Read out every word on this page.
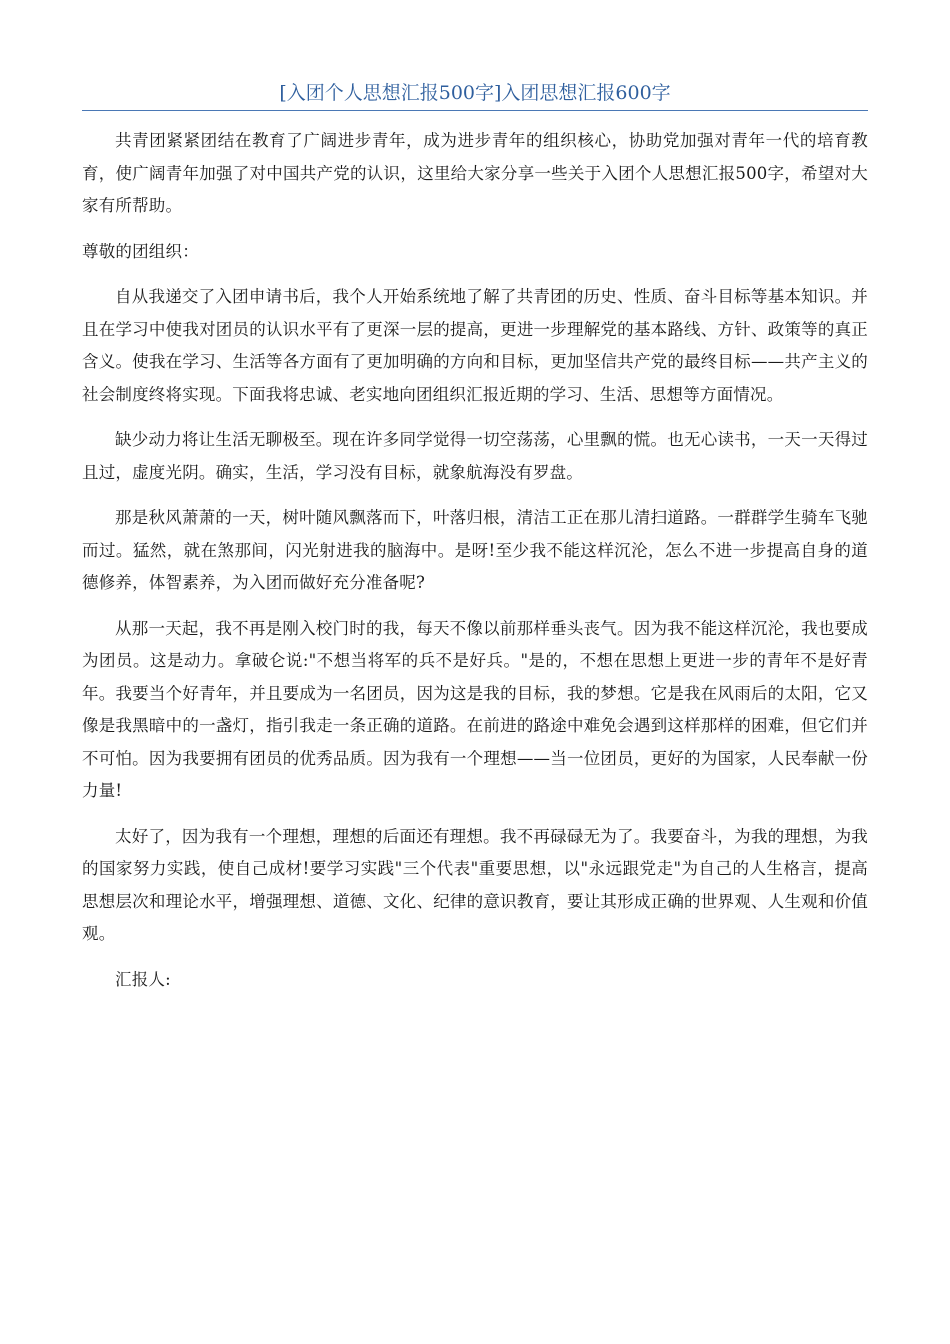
[入团个人思想汇报500字]入团思想汇报600字

共青团紧紧团结在教育了广阔进步青年，成为进步青年的组织核心，协助党加强对青年一代的培育教育，使广阔青年加强了对中国共产党的认识，这里给大家分享一些关于入团个人思想汇报500字，希望对大家有所帮助。

尊敬的团组织：

自从我递交了入团申请书后，我个人开始系统地了解了共青团的历史、性质、奋斗目标等基本知识。并且在学习中使我对团员的认识水平有了更深一层的提高，更进一步理解党的基本路线、方针、政策等的真正含义。使我在学习、生活等各方面有了更加明确的方向和目标，更加坚信共产党的最终目标——共产主义的社会制度终将实现。下面我将忠诚、老实地向团组织汇报近期的学习、生活、思想等方面情况。

缺少动力将让生活无聊极至。现在许多同学觉得一切空荡荡，心里飘的慌。也无心读书，一天一天得过且过，虚度光阴。确实，生活，学习没有目标，就象航海没有罗盘。

那是秋风萧萧的一天，树叶随风飘落而下，叶落归根，清洁工正在那儿清扫道路。一群群学生骑车飞驰而过。猛然，就在煞那间，闪光射进我的脑海中。是呀!至少我不能这样沉沦，怎么不进一步提高自身的道德修养，体智素养，为入团而做好充分准备呢?

从那一天起，我不再是刚入校门时的我，每天不像以前那样垂头丧气。因为我不能这样沉沦，我也要成为团员。这是动力。拿破仑说:"不想当将军的兵不是好兵。"是的，不想在思想上更进一步的青年不是好青年。我要当个好青年，并且要成为一名团员，因为这是我的目标，我的梦想。它是我在风雨后的太阳，它又像是我黑暗中的一盏灯，指引我走一条正确的道路。在前进的路途中难免会遇到这样那样的困难，但它们并不可怕。因为我要拥有团员的优秀品质。因为我有一个理想——当一位团员，更好的为国家，人民奉献一份力量!

太好了，因为我有一个理想，理想的后面还有理想。我不再碌碌无为了。我要奋斗，为我的理想，为我的国家努力实践，使自己成材!要学习实践"三个代表"重要思想，以"永远跟党走"为自己的人生格言，提高思想层次和理论水平，增强理想、道德、文化、纪律的意识教育，要让其形成正确的世界观、人生观和价值观。

汇报人:
